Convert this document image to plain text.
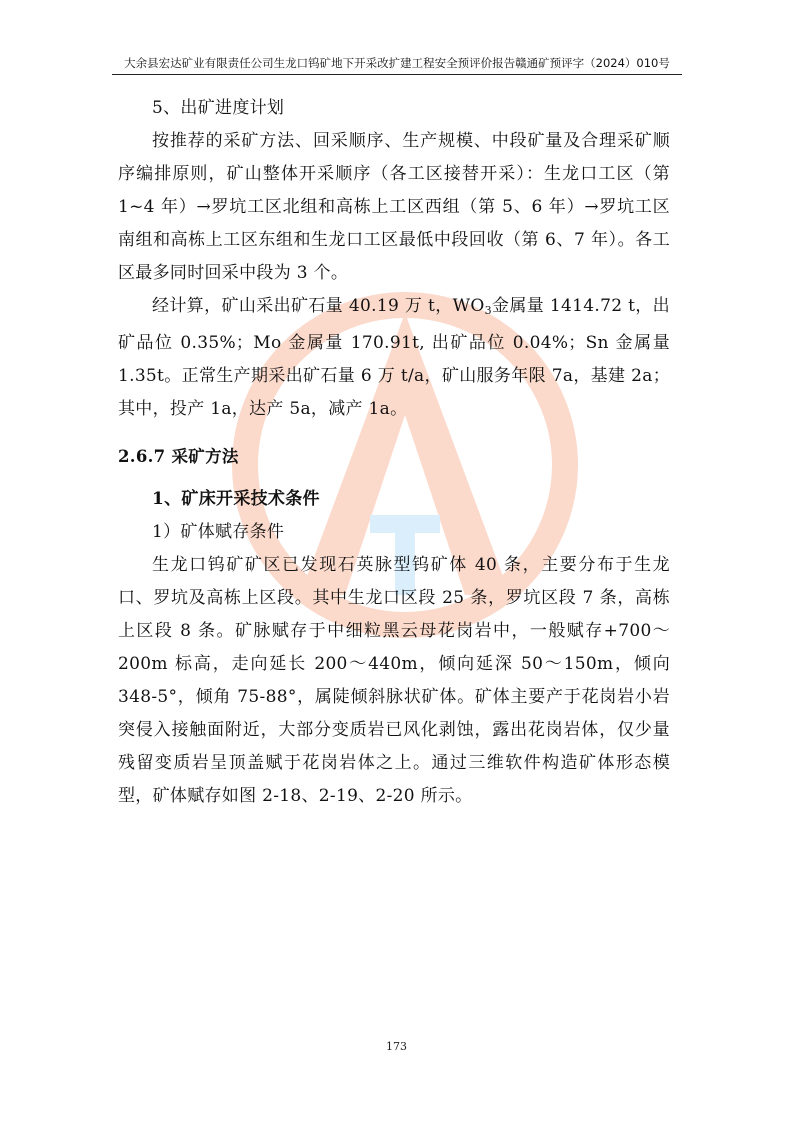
大余县宏达矿业有限责任公司生龙口钨矿地下开采改扩建工程安全预评价报告赣通矿预评字（2024）010号

5、出矿进度计划

按推荐的采矿方法、回采顺序、生产规模、中段矿量及合理采矿顺序编排原则，矿山整体开采顺序（各工区接替开采）：生龙口工区（第 1~4 年）→罗坑工区北组和高栋上工区西组（第 5、6 年）→罗坑工区南组和高栋上工区东组和生龙口工区最低中段回收（第 6、7 年）。各工区最多同时回采中段为 3 个。

经计算，矿山采出矿石量 40.19 万 t，$WO_3$金属量 1414.72 t，出矿品位 0.35%；Mo 金属量 170.91t, 出矿品位 0.04%；Sn 金属量 1.35t。正常生产期采出矿石量 6 万 t/a，矿山服务年限 7a，基建 2a；其中，投产 1a，达产 5a，减产 1a。

2.6.7 采矿方法

1、矿床开采技术条件

1）矿体赋存条件

生龙口钨矿矿区已发现石英脉型钨矿体 40 条，主要分布于生龙口、罗坑及高栋上区段。其中生龙口区段 25 条，罗坑区段 7 条，高栋上区段 8 条。矿脉赋存于中细粒黑云母花岗岩中，一般赋存+700～200m 标高，走向延长 200～440m，倾向延深 50～150m，倾向 348-5°，倾角 75-88°，属陡倾斜脉状矿体。矿体主要产于花岗岩小岩突侵入接触面附近，大部分变质岩已风化剥蚀，露出花岗岩体，仅少量残留变质岩呈顶盖赋于花岗岩体之上。通过三维软件构造矿体形态模型，矿体赋存如图 2-18、2-19、2-20 所示。

173
